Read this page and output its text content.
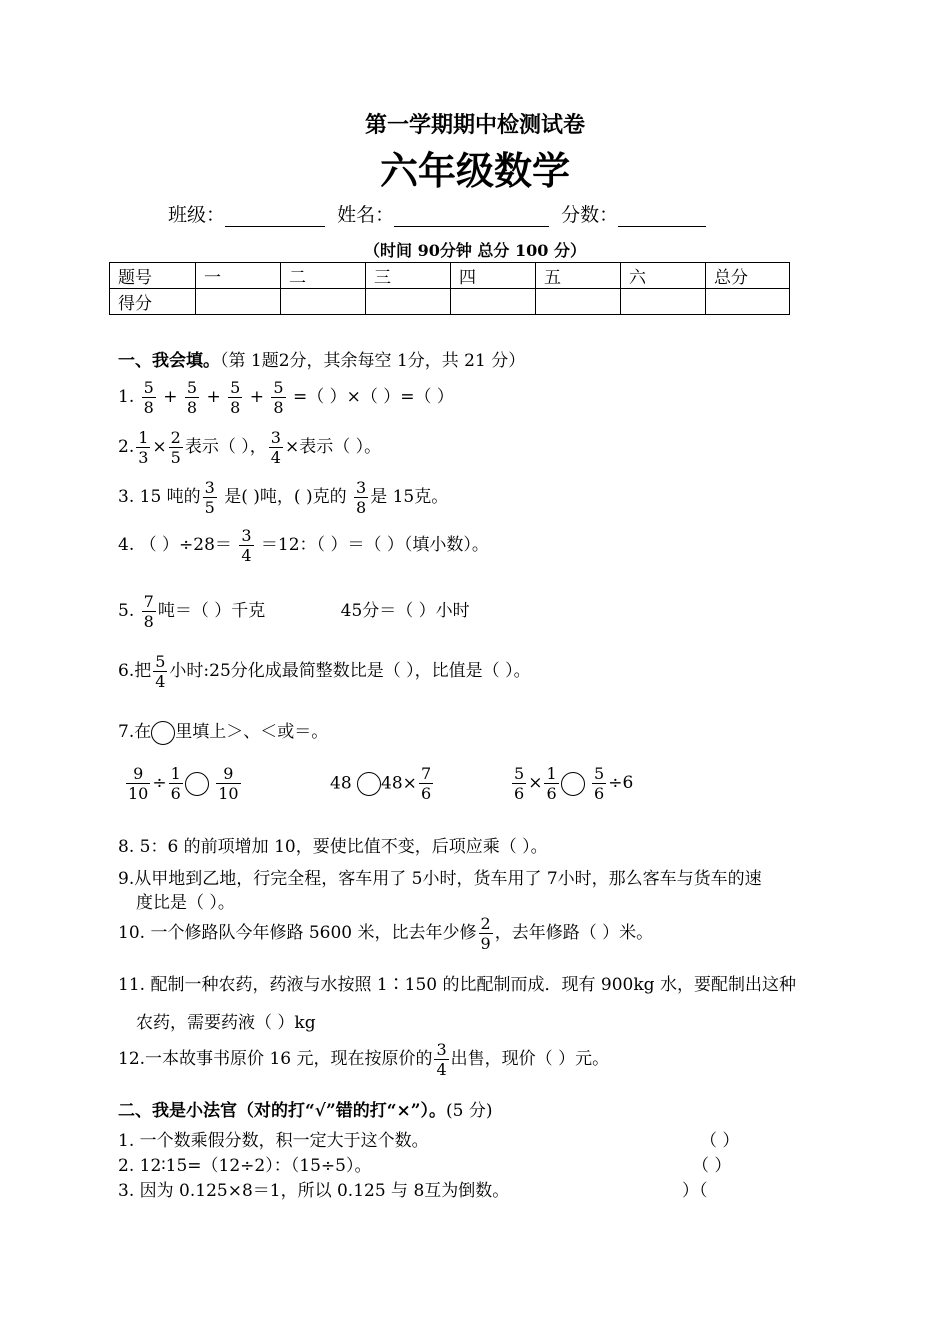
第一学期期中检测试卷
六年级数学
班级：	姓名：	分数：
（时间 90分钟 总分 100 分）
题号	一	二	三	四	五	六	总分
得分							
一、我会填。（第 1题2分，其余每空 1分，共 21 分）
1. $\frac{5}{8} + \frac{5}{8} + \frac{5}{8} + \frac{5}{8}$ =（ ）×（ ）=（ ）
2. $\frac{1}{3} \times \frac{2}{5}$ 表示（ ）， $\frac{3}{4}$ ×表示（ ）。
3. 15 吨的 $\frac{3}{5}$ 是( )吨，( )克的 $\frac{3}{8}$ 是 15克。
4. （ ）$\div 28= \frac{3}{4} =12$：（ ）＝（ ）（填小数）。
5. $\frac{7}{8}$ 吨＝（ ）千克	45分＝（ ）小时
6.把 $\frac{5}{4}$ 小时:25分化成最简整数比是（ ），比值是（ ）。
7.在 里填上＞、＜或＝。
$\frac{9}{10} \div \frac{1}{6}$
$\frac{9}{10}$	48 $48\times \frac{7}{6}$	$\frac{5}{6} \times \frac{1}{6}$
$\frac{5}{6} \div 6$
8. 5：6 的前项增加 10，要使比值不变，后项应乘（ ）。
9.从甲地到乙地，行完全程，客车用了 5小时，货车用了 7小时，那么客车与货车的速
度比是（ ）。
10. 一个修路队今年修路 5600 米，比去年少修 $\frac{2}{9}$ ，去年修路（ ）米。
11. 配制一种农药，药液与水按照 1∶150 的比配制而成．现有 900kg 水，要配制出这种
农药，需要药液（ ）kg
12.一本故事书原价 16 元，现在按原价的 $\frac{3}{4}$ 出售，现价（ ）元。
二、我是小法官（对的打“√”错的打“×”）。(5 分)
1. 一个数乘假分数，积一定大于这个数。	（ ）
2. 12∶15=（12÷2）：（15÷5）。	（ ）
3. 因为 0.125×8＝1，所以 0.125 与 8互为倒数。	）（
